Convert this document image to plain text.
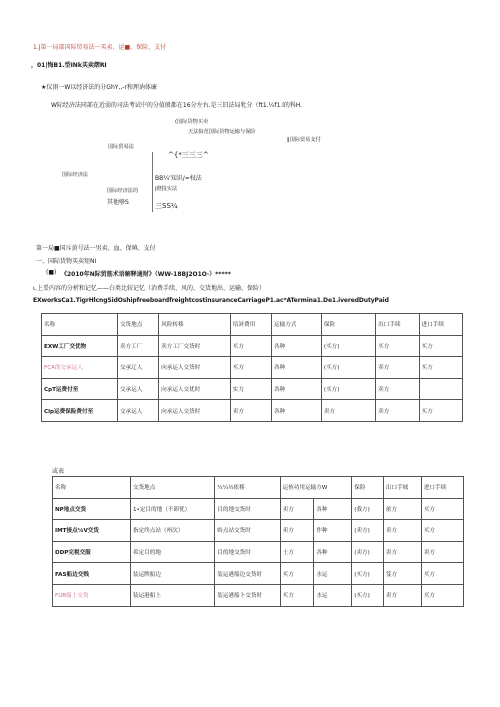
1.J第一局部国际贸易法一买卖、运■、保险、支付
，01|悔B1.型INk买卖熠RI
★仪诩一W以经济法的分GhY,,-r和理讷体廉
W际经济法同部在近弱的司法考试中的分值般都在16分左右.是三旧法局牝分（ft1.¼f1.l的科H.
(国际货物买卖
天法狼范国际货物运输与保险
‖国际贸易支付
国际贸易法
^{*三三三^
国际经济法	BB¼'知识/=权法
j瞪投实法
国际经济法的
其他够S	三SS¼
第一局■国斥黄号法一男卖、血、保嗔、支付
一、国际货物买卖矩NI
(■) 《2010年N际贸筋术语解释通财》（WW-18BJ2O1O·）*****
ι.上妥内容的分析和记忆——白类比较记忆（消费手续、风的、交货地出、运输、保险）
EXworksCa1.TigrHlcngSidOshipfreeboardfreightcostinsuranceCarriageP1.ac*ATermina1.De1.iveredDutyPaid
名称	交货地点	风险转移	培訶费用	运输方式	保险	出口手续	进口手续
EXW工厂交优物	卖方工厂	卖方工厂交货时	买方	各种	(买方)	买方	买方
FCA的交承运人	交承辽人	向承运人交货时	买方	各种	(买方)	卖方	买方
CpT运费付至	交承运人	向承运人交优时	实力	各种	(买方)	卖方	
Clp运费保险费付至	交承运人	向承运人交货时	卖方	各种	卖方	卖方	买方
或表
名称	交货地点	¼¼½依移	运侑功用运输方W		保险	出口手域	进口手续
NP地点交货	1•定目的地（不卸优）	目的地交货时	卖方	各种	(我方)	依方	买方
IMT接点¼V交货	指定终点站（州次）	蛉点站交货时	卖方	作种	(卖方)	卖方	买方
DDP完税交服	希定目的地	目的地交货时	土方	各种	(卖方)	卖方	卖方
FAS船边交贱	装运牌船边	装运港船边交货时	买方	水运	(买方)	笈方	买方
FUB船上交货	装运港船上	装运港船卜交货时	买方	水运	(买方)	卖方	买方
